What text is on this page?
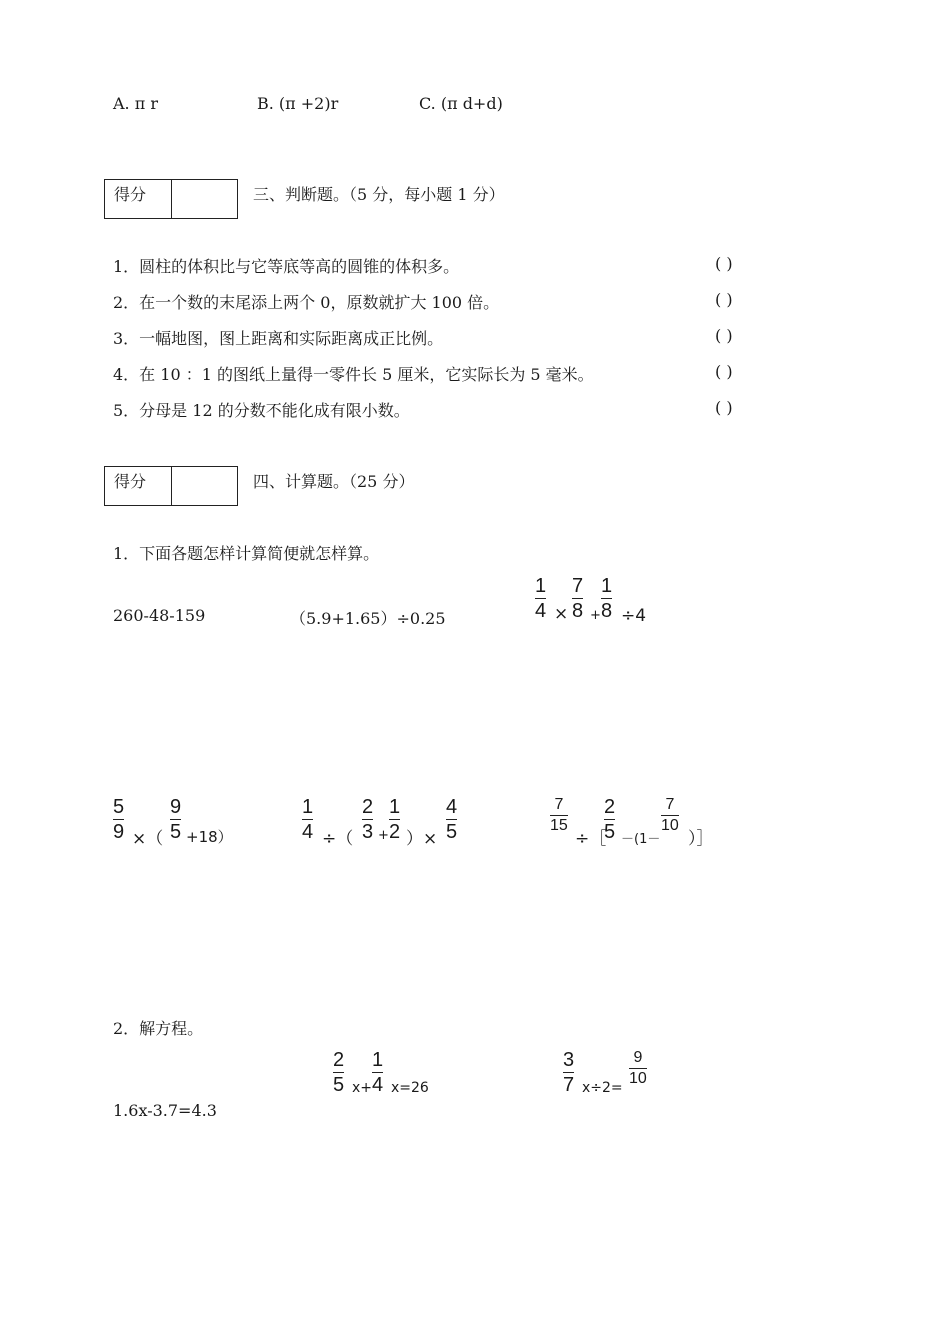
A. π r	B. (π +2)r	C. (π d+d)
得分	三、判断题。（5 分，每小题 1 分）
1．圆柱的体积比与它等底等高的圆锥的体积多。
2．在一个数的末尾添上两个 0，原数就扩大 100 倍。
3．一幅地图，图上距离和实际距离成正比例。
4．在 10 ：1 的图纸上量得一零件长 5 厘米，它实际长为 5 毫米。
5．分母是 12 的分数不能化成有限小数。
( )
( )
( )
( )
( )
得分	四、计算题。（25 分）
1．下面各题怎样计算简便就怎样算。
260-48-159	（5.9+1.65）÷0.25
1
4 ×
7
8 +
1
8 ÷4
5
9 ×（
9
5 +18）
1
4 ÷（
2
3 +
1
2 ）×
4
5
7
15
÷［
2
5 －(1－
7
10
）］
2．解方程。
1.6x-3.7=4.3
2
5 x+
1
4 x=26
3
7 x÷2=
9
10
